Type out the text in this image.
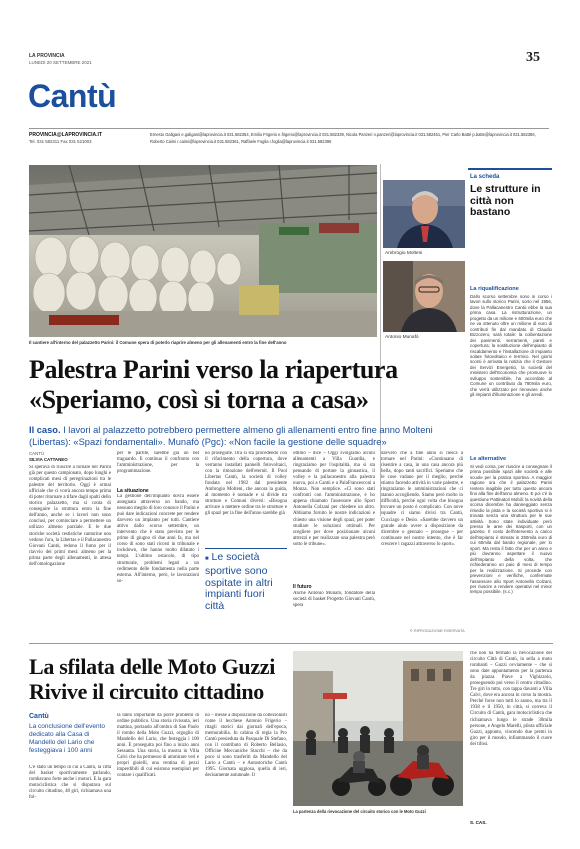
LA PROVINCIA
LUNEDÌ 20 SETTEMBRE 2021	35
Cantù
PROVINCIA@LAPROVINCIA.IT
Tel. 031 582311 Fax 031 521003
Ernesto Galigani e.galigani@laprovincia.it 031.582354, Emilio Frigerio e.frigerio@laprovincia.it 031.582339, Nicola Panzeri n.panzeri@laprovincia.it 031.582451, Pier Carlo Batté p.batte@laprovincia.it 031.582386,
Roberto Caimi r.caimi@laprovincia.it 031.582361, Raffaele Foglia r.foglia@laprovincia.it 031.582396
Il cantiere all'interno del palazzetto Parini: il Comune spera di poterlo riaprire almeno per gli allenamenti entro la fine dell'anno
Ambrogio Molteni
Antonio Munafò
La scheda
Le strutture in città non bastano
La riqualificazione

Dallo scorso settembre sono in corso i lavori sullo storico Parini, sorto nel 1956, dove la Pallacanestro Cantù ebbe la sua prima casa. La ristrutturazione, un progetto da un milione e 600mila euro che ne va ottenuto oltre un milione di euro di contributi fin dal mandato di Claudio Bizzozero, sarà totale: la coibentazione dei pavimenti, serramenti, pareti e copertura; la sostituzione dell'impianto di riscaldamento e l'installazione di impianto solare fotovoltaico e termico. Nel giorni scorsi è arrivata la notizia che il Gestore dei Servizi Energetici, la società del ministero dell'Economia che promuove lo sviluppo sostenibile, ha accordato al Comune un contributo da 780mila euro, che verrà utilizzato per rinnovare anche gli impianti d'illuminazione e gli arredi.

Le alternative

Si vedi corsa, per riuscire a consegnare il prima possibile spazi alle società e alle scuole per la pratica sportiva. A maggior ragione ora che il palazzetto Parini restera inagibile per tutto questo ancora fino alla fine dell'anno almeno. E poi c'è la questione Pattinatori Mobili: la novità della scorsa dicembre ha danneggiato senza rimedio la pista e la società sportiva si è trovata senza una struttura per le sue attività. Sono state individuate però presso le aree dei trasporti, con un gazebo. Il costo dell'intervento a carico dell'impianto è stimato in 250mila euro di cui 60mila dal bando regionale, per lo sport. Ma resta il fatto che per un anno e più dovranno aspettare il nuovo dell'impianto della volta, che richiederanno un paio di mesi di tempo per la realizzazione. Si procede con prevenzioni e verifiche, confermate l'assessore allo Sport Antonella Colzani, per riuscire a rendere operativi nel minor tempo possibile. (s.c.)

Palestra Parini verso la riapertura
«Speriamo, così si torna a casa»
Il caso. I lavori al palazzetto potrebbero permettere almeno gli allenamenti entro fine anno Molteni (Libertas): «Spazi fondamentali». Munafò (Pgc): «Non facile la gestione delle squadre»
CANTÙ
SILVIA CATTANEO

Si sperava di riuscire a tornare nel Parini già per questo campionato, dopo lunghi e complicati mesi di peregrinazioni tra le palestre del territorio. Oggi è ormai ufficiale che ci vorrà ancora tempo prima di poter ritornare a tifare dagli spalti dello storico palazzetto, ma si conta di conseguire la struttura entro la fine dell'anno, anche se i lavori non sono conclusi, per cominciare a permettere un utilizzo almeno parziale. E le due storiche società cestistiche canturine non vedono l'ora, la Libertas e il Pallacanestro Giovani Cantù, redono il fumo per il riavvio dei primi mesi: almeno per la prima parte degli allenamenti, in attesa dell'omologazione

per le partite, sarebbe già un bel traguardo. Il continuo il confronto con l'amministrazione, per la programmazione.

La situazione

La gestione dell'impianto dovrà essere assegnata attraverso un bando, ma nessuno meglio di loro conosce il Parini e può dare indicazioni concrete per rendere davvero un impianto per tutti. Cantiere attivo dallo scorso settembre, un intervento che è stato previsto per le prime di giugno di due anni fa, ma nel corso di sono stati ricorsi in tribunale e lockdown, che hanno molto dilatato i tempi. L'ultimo ostacolo, di tipo strutturale, problemi legati a un cedimento delle fondamenta nella parte esterna. All'interno, però, le lavorazioni so-

no proseguite. Ora si sta procedendo con il rifacimento della copertura, dove verranno installati pannelli fotovoltaici, con la rimozione dell'eternit. Il Pool Libertas Cantù, la società di volley fondata nel 1982 dal presidente Ambrogio Molteni, che ancora la guida, al momento è nomade e si divide tra strutture e Comuni diversi: «Bisogna arrivare a mettere ordine tra le strutture e gli spazi per la fine dell'anno sarebbe già

■ Le società sportive sono ospitate in altri impianti fuori città

ottimo – dice – Oggi svolgiamo alcuni allenamenti a Villa Guardia, e ringraziamo per l'ospitalità, ma si sta pensando di portare la ginnastica, il volley e la pallacanestro alla palestra nuova, poi a Cantù e a PalaFrancesconi a Monza. Non semplice. «Ci sono stati confronti con l'amministrazione, e ho appena chiamato l'assessore allo Sport Antonella Colzani per chiedere un altro. Abbiamo fornito le nostre indicazioni e chiesto una visione degli spazi, per poter studiare le soluzioni ottimali. Per scegliere per dove posizionare alcuni attrezzi e per realizzare una palestra però sotto le tribune».

Il futuro

Anche Antonio Munafò, fondatore della società di basket Progetto Giovani Cantù, spera

davvero che a fine anno si riesca a tornare nel Parini: «Continuano di risentire a casa, in una casa ancora più bella, dopo tanti sacrifici. Speriamo che le cose vadano per il meglio, perché stiamo facendo attività in varie palestre, e ringraziamo le amministrazioni che ci stanno accogliendo. Siamo però molto in difficoltà, perché ogni volta che bisogna trovare un posto è complicato. Con nove squadre ci siamo divisi tra Cantù, Cucciago e Desio. «Sarebbe davvero un grande aiuto avere a disposizione da dicembre o gennaio – prosegue – per continuare nel nostro intento, che è far crescere i ragazzi attraverso lo sport».

© RIPRODUZIONE RISERVATA
La sfilata delle Moto Guzzi
Rivive il circuito cittadino
Cantù
La conclusione dell'evento dedicato alla Casa di Mandello del Lario che festeggiava i 100 anni

C'è stato un tempo in cui a Cantù, la città del basket sportivamente parlando, rombavano forte anche i motori. E la gara motociclistica che si disputava sul circuito cittadino, 48 giri, richiamava una fol-

la tanto importante da porre problemi di ordine pubblico. Una storia rivissuta, ieri mattina, portando all'ombra di San Paolo il rombo della Moto Guzzi, orgoglio di Mandello del Lario, che festeggia i 100 anni. E proseguita poi fino a inizio anni Sessanta. Una storia, la mostra in Villa Calvi che ha permesso di ammirare veri e propri gioielli, una ventina di pezzi imperdibili di cui esistono esemplari per contare i qualificati.

no – messe a disposizione da collezionisti come il lecchese Antonio Frigerio – ritagli storici dai giornali dell'epoca, memorabilia. In cabina di regia la Pro Cantù presieduta da Pasquale Di Stefano, con il contributo di Roberto Bellasio, Officine Meccaniche Stacchi – che da poco si sono trasferiti da Mandello del Lario a Cantù – e Autostoriche Cantù 1995. Giornata uggiosa, quella di ieri, decisamente autunnale. Il

La partenza della rievocazione del circuito storico con le Moto Guzzi

che non ha fermato la rievocazione del circuito Città di Cantù, in sella a moto rombanti – Guzzi ovviamente – che si sono date appuntamento per la partenza da piazza Piave a Vighizzolo, proseguendo poi verso il centro cittadino. Tre giri in tutto, con tappa davanti a Villa Calvi, dove era ancora in corso la mostra. Perché forse non tutti lo sanno, ma tra il 1938 e il 1950, in città, si correva il Circuito di Cantù, gara motociclistica che richiamava lungo le strade 30mila persone, e Angelo Marelli, pilota ufficiale Guzzi, appunto, vincendo due premi in giro per il mondo, infiammando il cuore dei tifosi.

S. CAS.
